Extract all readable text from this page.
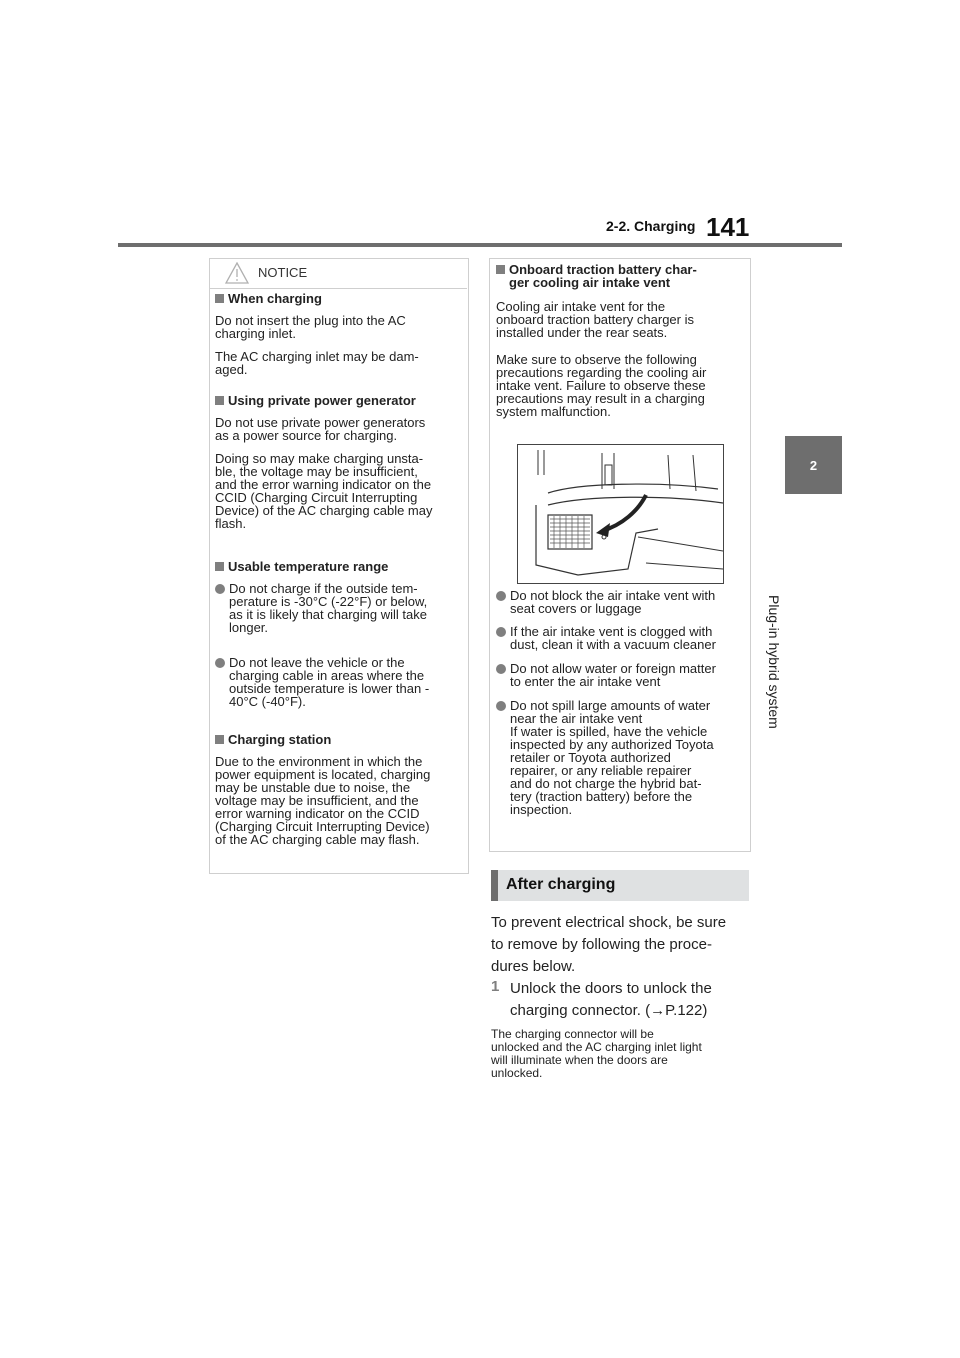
2-2. Charging 141
2
Plug-in hybrid system
NOTICE
When charging
Do not insert the plug into the AC
charging inlet.
The AC charging inlet may be dam-
aged.
Using private power generator
Do not use private power generators
as a power source for charging.
Doing so may make charging unsta-
ble, the voltage may be insufficient,
and the error warning indicator on the
CCID (Charging Circuit Interrupting
Device) of the AC charging cable may
flash.
Usable temperature range
Do not charge if the outside tem-
perature is -30°C (-22°F) or below,
as it is likely that charging will take
longer.
Do not leave the vehicle or the
charging cable in areas where the
outside temperature is lower than -
40°C (-40°F).
Charging station
Due to the environment in which the
power equipment is located, charging
may be unstable due to noise, the
voltage may be insufficient, and the
error warning indicator on the CCID
(Charging Circuit Interrupting Device)
of the AC charging cable may flash.
Onboard traction battery char-
ger cooling air intake vent
Cooling air intake vent for the
onboard traction battery charger is
installed under the rear seats.
Make sure to observe the following
precautions regarding the cooling air
intake vent. Failure to observe these
precautions may result in a charging
system malfunction.
Do not block the air intake vent with
seat covers or luggage
If the air intake vent is clogged with
dust, clean it with a vacuum cleaner
Do not allow water or foreign matter
to enter the air intake vent
Do not spill large amounts of water
near the air intake vent
If water is spilled, have the vehicle
inspected by any authorized Toyota
retailer or Toyota authorized
repairer, or any reliable repairer
and do not charge the hybrid bat-
tery (traction battery) before the
inspection.
After charging
To prevent electrical shock, be sure
to remove by following the proce-
dures below.
1 Unlock the doors to unlock the
charging connector. (→P.122)
The charging connector will be
unlocked and the AC charging inlet light
will illuminate when the doors are
unlocked.
